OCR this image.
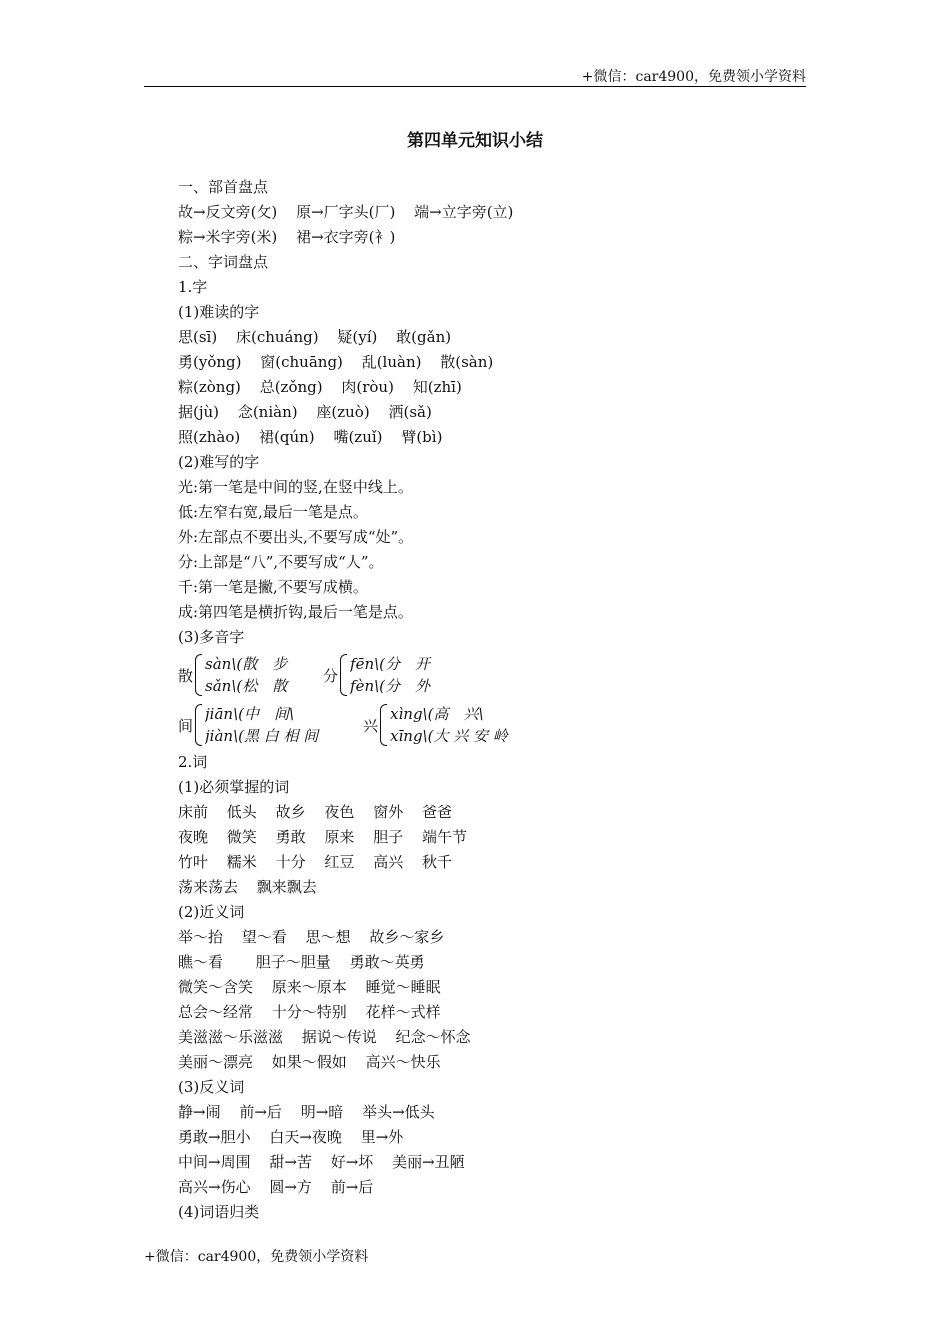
+微信：car4900，免费领小学资料
第四单元知识小结
一、部首盘点
故→反文旁(攵) 原→厂字头(厂) 端→立字旁(立)
粽→米字旁(米) 裙→衣字旁(衤)
二、字词盘点
1.字
(1)难读的字
思(sī) 床(chuáng) 疑(yí) 敢(gǎn)
勇(yǒng) 窗(chuāng) 乱(luàn) 散(sàn)
粽(zòng) 总(zǒng) 肉(ròu) 知(zhī)
据(jù) 念(niàn) 座(zuò) 洒(sǎ)
照(zhào) 裙(qún) 嘴(zuǐ) 臂(bì)
(2)难写的字
光:第一笔是中间的竖,在竖中线上。
低:左窄右宽,最后一笔是点。
外:左部点不要出头,不要写成“处”。
分:上部是“八”,不要写成“人”。
千:第一笔是撇,不要写成横。
成:第四笔是横折钩,最后一笔是点。
(3)多音字
散
sàn\(散　步
sǎn\(松　散
分
fēn\(分　开
fèn\(分　外
间
jiān\(中　间\
jiàn\(黑 白 相 间
兴
xìng\(高　兴\
xīng\(大 兴 安 岭
2.词
(1)必须掌握的词
床前 低头 故乡 夜色 窗外 爸爸
夜晚 微笑 勇敢 原来 胆子 端午节
竹叶 糯米 十分 红豆 高兴 秋千
荡来荡去 飘来飘去
(2)近义词
举～抬 望～看 思～想 故乡～家乡
瞧～看 胆子～胆量 勇敢～英勇
微笑～含笑 原来～原本 睡觉～睡眠
总会～经常 十分～特别 花样～式样
美滋滋～乐滋滋 据说～传说 纪念～怀念
美丽～漂亮 如果～假如 高兴～快乐
(3)反义词
静→闹 前→后 明→暗 举头→低头
勇敢→胆小 白天→夜晚 里→外
中间→周围 甜→苦 好→坏 美丽→丑陋
高兴→伤心 圆→方 前→后
(4)词语归类
+微信：car4900，免费领小学资料
